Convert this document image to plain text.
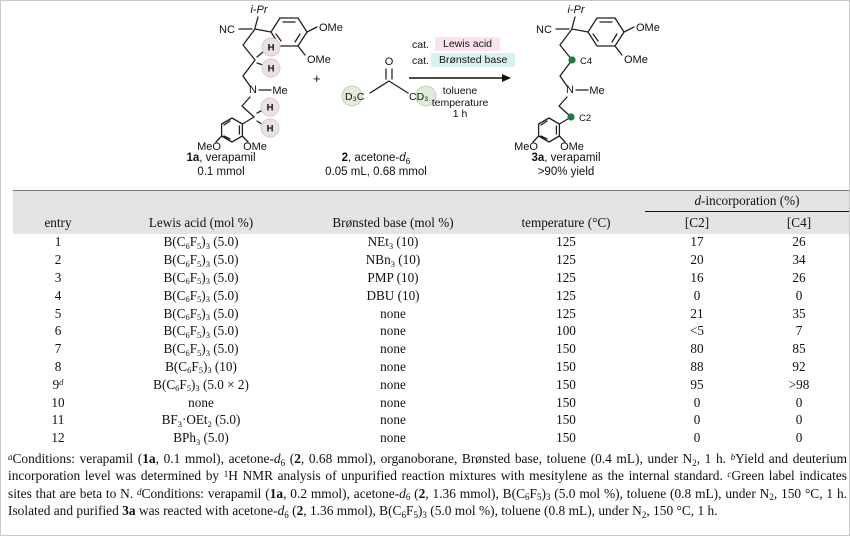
H
H
H
H
i-Pr
NC	OMe
OMe
N Me
MeO OMe
1a, verapamil
0.1 mmol
+
O
D₃C	CD₃
2, acetone-$d_6$
0.05 mL, 0.68 mmol
cat.	Lewis acid
cat. Brønsted base
toluene
temperature
1 h
C4
C2
i-Pr
NC	OMe
OMe
N Me
MeO OMe
3a, verapamil
>90% yield
				d-incorporation (%)	
entry	Lewis acid (mol %)	Brønsted base (mol %)	temperature (°C)	[C2]	[C4]
1	$B(C_6F_5)_3$ (5.0)	NEt$_3$ (10)	125	17	26
2	$B(C_6F_5)_3$ (5.0)	NBn$_3$ (10)	125	20	34
3	$B(C_6F_5)_3$ (5.0)	PMP (10)	125	16	26
4	$B(C_6F_5)_3$ (5.0)	DBU (10)	125	0	0
5	$B(C_6F_5)_3$ (5.0)	none	125	21	35
6	$B(C_6F_5)_3$ (5.0)	none	100	<5	7
7	$B(C_6F_5)_3$ (5.0)	none	150	80	85
8	$B(C_6F_5)_3$ (10)	none	150	88	92
9$^d$	$B(C_6F_5)_3$ (5.0 × 2)	none	150	95	>98
10	none	none	150	0	0
11	$BF_3\cdot OEt_2$ (5.0)	none	150	0	0
12	BPh$_3$ (5.0)	none	150	0	0
$^a$Conditions: verapamil (1a, 0.1 mmol), acetone-$d_6$ (2, 0.68 mmol), organoborane, Brønsted base, toluene (0.4 mL), under $N_2$, 1 h. $^b$Yield and deuterium incorporation level was determined by $^1$H NMR analysis of unpurified reaction mixtures with mesitylene as the internal standard. $^c$Green label indicates sites that are beta to N. $^d$Conditions: verapamil (1a, 0.2 mmol), acetone-$d_6$ (2, 1.36 mmol), $B(C_6F_5)_3$ (5.0 mol %), toluene (0.8 mL), under $N_2$, 150 °C, 1 h. Isolated and purified 3a was reacted with acetone-$d_6$ (2, 1.36 mmol), $B(C_6F_5)_3$ (5.0 mol %), toluene (0.8 mL), under $N_2$, 150 °C, 1 h.
